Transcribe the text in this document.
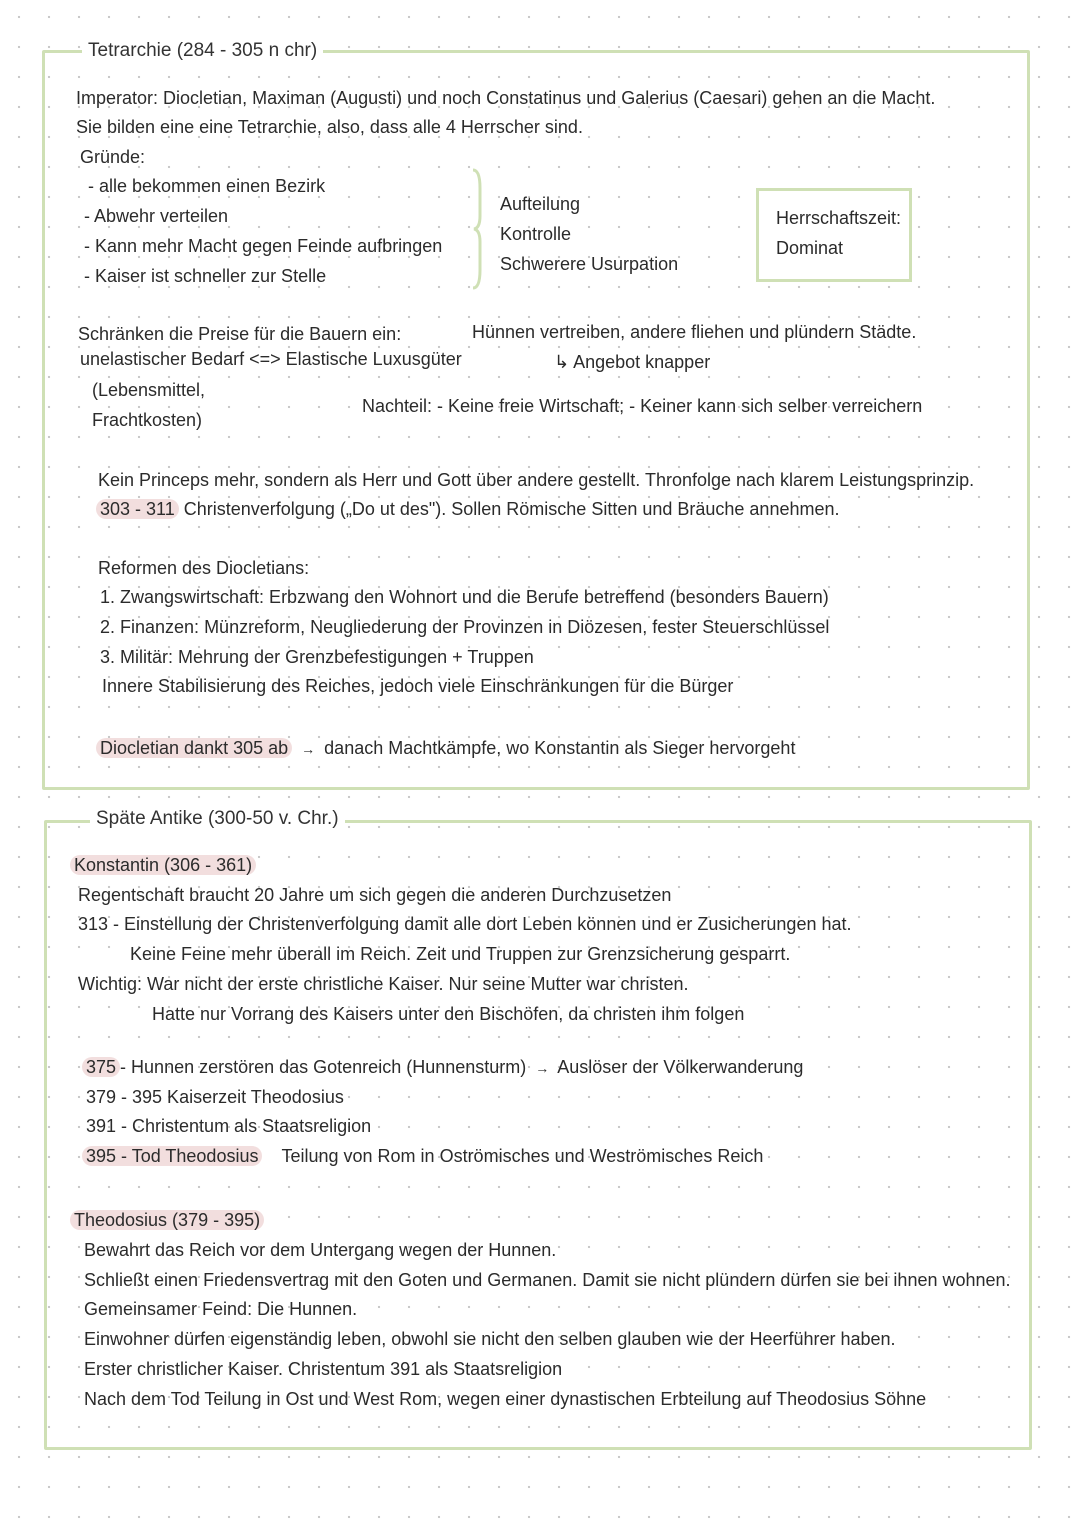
Tetrarchie (284 - 305 n chr)
Imperator: Diocletian, Maximan (Augusti) und noch Constatinus und Galerius (Caesari) gehen an die Macht.
Sie bilden eine eine Tetrarchie, also, dass alle 4 Herrscher sind.
Gründe:
- alle bekommen einen Bezirk
- Abwehr verteilen
- Kann mehr Macht gegen Feinde aufbringen
- Kaiser ist schneller zur Stelle
Aufteilung
Kontrolle
Schwerere Usurpation
Herrschaftszeit:
Dominat
Schränken die Preise für die Bauern ein:
unelastischer Bedarf <=> Elastische Luxusgüter
(Lebensmittel,
Frachtkosten)
Hünnen vertreiben, andere fliehen und plündern Städte.
↳ Angebot knapper
Nachteil: - Keine freie Wirtschaft; - Keiner kann sich selber verreichern
Kein Princeps mehr, sondern als Herr und Gott über andere gestellt. Thronfolge nach klarem Leistungsprinzip.
303 - 311 Christenverfolgung („Do ut des"). Sollen Römische Sitten und Bräuche annehmen.
Reformen des Diocletians:
1. Zwangswirtschaft: Erbzwang den Wohnort und die Berufe betreffend (besonders Bauern)
2. Finanzen: Münzreform, Neugliederung der Provinzen in Diözesen, fester Steuerschlüssel
3. Militär: Mehrung der Grenzbefestigungen + Truppen
Innere Stabilisierung des Reiches, jedoch viele Einschränkungen für die Bürger
Diocletian dankt 305 ab → danach Machtkämpfe, wo Konstantin als Sieger hervorgeht
Späte Antike (300-50 v. Chr.)
Konstantin (306 - 361)
Regentschaft braucht 20 Jahre um sich gegen die anderen Durchzusetzen
313 - Einstellung der Christenverfolgung damit alle dort Leben können und er Zusicherungen hat.
Keine Feine mehr überall im Reich. Zeit und Truppen zur Grenzsicherung gesparrt.
Wichtig: War nicht der erste christliche Kaiser. Nur seine Mutter war christen.
Hatte nur Vorrang des Kaisers unter den Bischöfen, da christen ihm folgen
375 - Hunnen zerstören das Gotenreich (Hunnensturm) → Auslöser der Völkerwanderung
379 - 395 Kaiserzeit Theodosius
391 - Christentum als Staatsreligion
395 - Tod Theodosius Teilung von Rom in Oströmisches und Weströmisches Reich
Theodosius (379 - 395)
Bewahrt das Reich vor dem Untergang wegen der Hunnen.
Schließt einen Friedensvertrag mit den Goten und Germanen. Damit sie nicht plündern dürfen sie bei ihnen wohnen.
Gemeinsamer Feind: Die Hunnen.
Einwohner dürfen eigenständig leben, obwohl sie nicht den selben glauben wie der Heerführer haben.
Erster christlicher Kaiser. Christentum 391 als Staatsreligion
Nach dem Tod Teilung in Ost und West Rom, wegen einer dynastischen Erbteilung auf Theodosius Söhne
